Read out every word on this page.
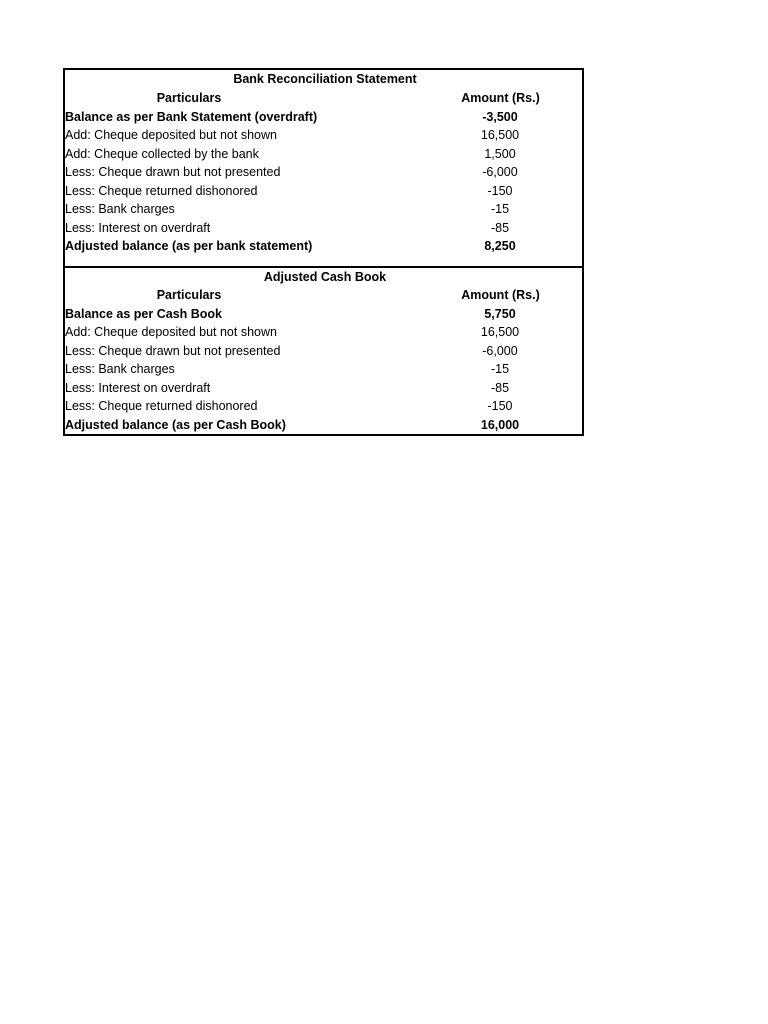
Bank Reconciliation Statement
Particulars	Amount (Rs.)
Balance as per Bank Statement (overdraft)	-3,500
Add: Cheque deposited but not shown	16,500
Add: Cheque collected by the bank	1,500
Less: Cheque drawn but not presented	-6,000
Less: Cheque returned dishonored	-150
Less: Bank charges	-15
Less: Interest on overdraft	-85
Adjusted balance (as per bank statement)	8,250
Adjusted Cash Book
Particulars	Amount (Rs.)
Balance as per Cash Book	5,750
Add: Cheque deposited but not shown	16,500
Less: Cheque drawn but not presented	-6,000
Less: Bank charges	-15
Less: Interest on overdraft	-85
Less: Cheque returned dishonored	-150
Adjusted balance (as per Cash Book)	16,000
